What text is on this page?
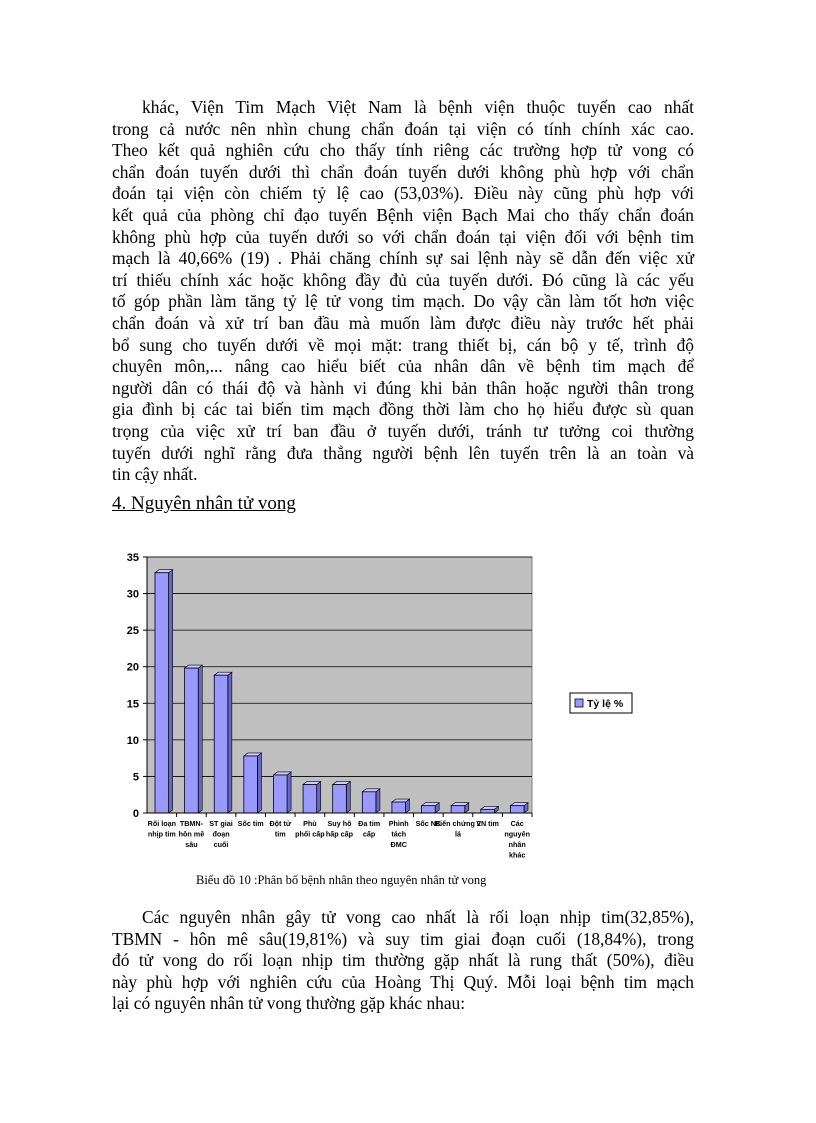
khác, Viện Tim Mạch Việt Nam là bệnh viện thuộc tuyến cao nhất
trong cả nước nên nhìn chung chẩn đoán tại viện có tính chính xác cao.
Theo kết quả nghiên cứu cho thấy tính riêng các trường hợp tử vong có
chẩn đoán tuyến dưới thì chẩn đoán tuyến dưới không phù hợp với chẩn
đoán tại viện còn chiếm tỷ lệ cao (53,03%). Điều này cũng phù hợp với
kết quả của phòng chỉ đạo tuyến Bệnh viện Bạch Mai cho thấy chẩn đoán
không phù hợp của tuyến dưới so với chẩn đoán tại viện đối với bệnh tim
mạch là 40,66% (19) . Phải chăng chính sự sai lệnh này sẽ dẫn đến việc xử
trí thiếu chính xác hoặc không đầy đủ của tuyến dưới. Đó cũng là các yếu
tố góp phần làm tăng tỷ lệ tử vong tim mạch. Do vậy cần làm tốt hơn việc
chẩn đoán và xử trí ban đầu mà muốn làm được điều này trước hết phải
bổ sung cho tuyến dưới về mọi mặt: trang thiết bị, cán bộ y tế, trình độ
chuyên môn,... nâng cao hiểu biết của nhân dân về bệnh tim mạch để
người dân có thái độ và hành vi đúng khi bản thân hoặc người thân trong
gia đình bị các tai biến tim mạch đồng thời làm cho họ hiểu được sù quan
trọng của việc xử trí ban đầu ở tuyến dưới, tránh tư tưởng coi thường
tuyến dưới nghĩ rằng đưa thẳng người bệnh lên tuyến trên là an toàn và
tin cậy nhất.
4. Nguyên nhân tử vong
0
5
10
15
20
25
30
35
Rối loạn
nhịp tim
TBMN-
hôn mê
sâu
ST giai
đoạn
cuối
Sốc tim Đột tử
tim
Phù
phổi cấp
Suy hô
hấp cấp
Đa tim
cấp
Phình
tách
ĐMC
Sốc NK
Biến chứng 2
lá
VN tim Các
nguyên
nhân
khác
Tỷ lệ %
Biểu đồ 10 :Phân bố bệnh nhân theo nguyên nhân tử vong
Các nguyên nhân gây tử vong cao nhất là rối loạn nhịp tim(32,85%),
TBMN - hôn mê sâu(19,81%) và suy tim giai đoạn cuối (18,84%), trong
đó tử vong do rối loạn nhịp tim thường gặp nhất là rung thất (50%), điều
này phù hợp với nghiên cứu của Hoàng Thị Quý. Mỗi loại bệnh tim mạch
lại có nguyên nhân tử vong thường gặp khác nhau:
